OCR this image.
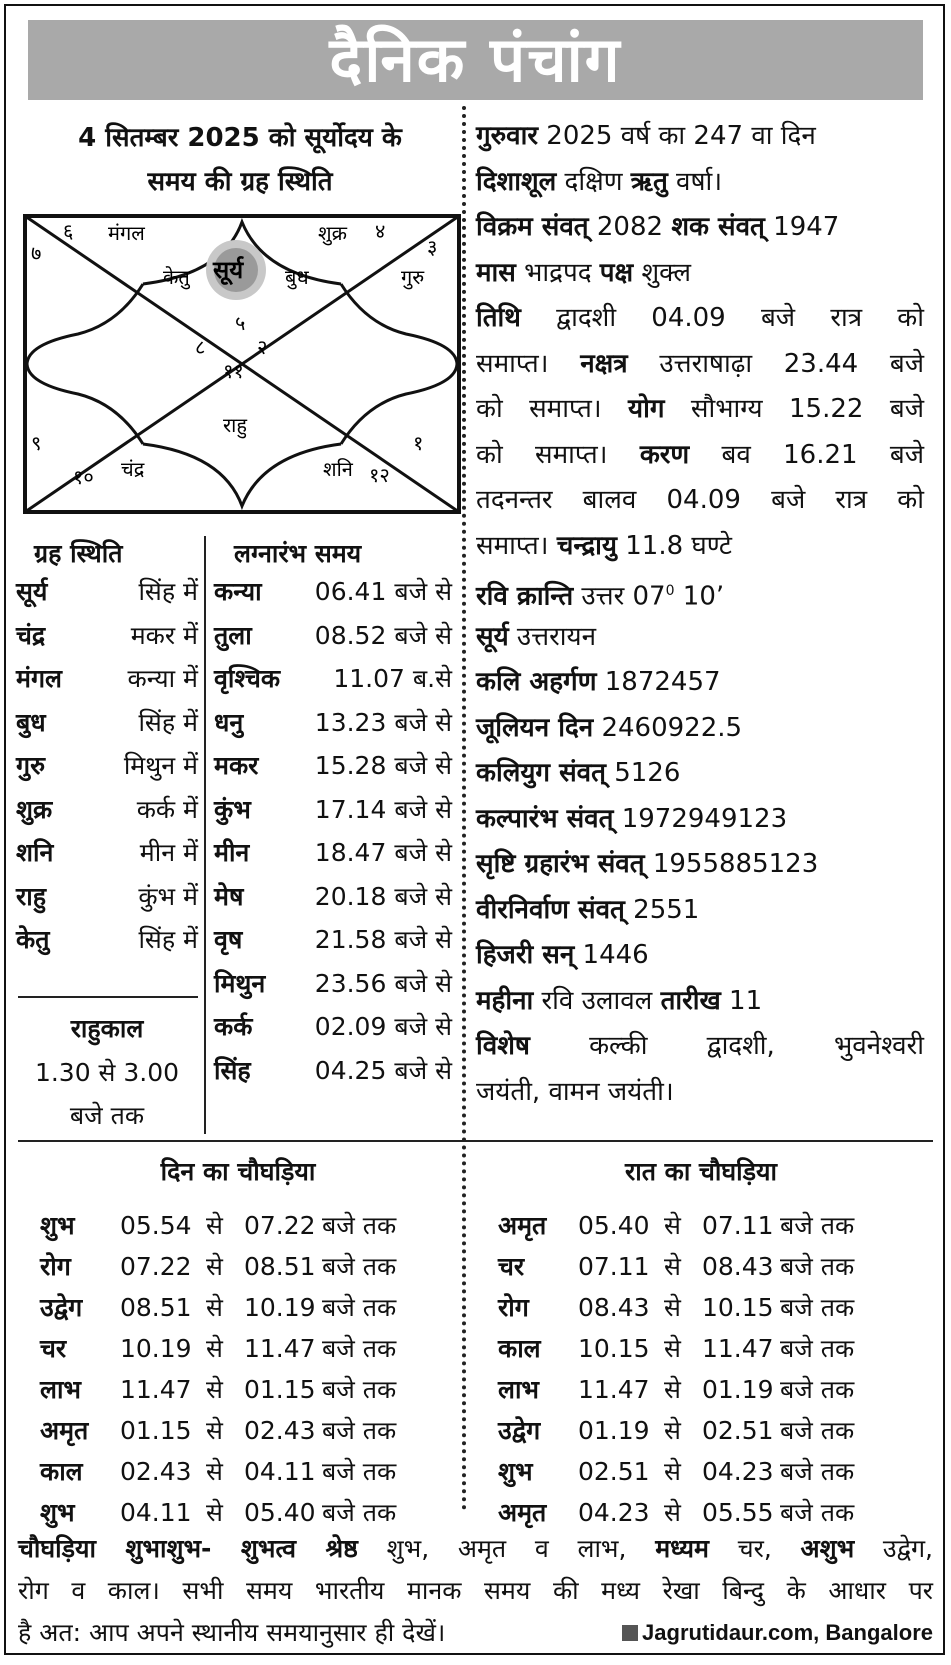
दैनिक पंचांग
4 सितम्बर 2025 को सूर्योदय के
समय की ग्रह स्थिति
६ मंगल	शुक्र ४
७	३
गुरु
केतु सूर्य बुध
५
८	२
११
राहु
९	१
१० चंद्र	शनि १२
ग्रह स्थिति
सूर्य	सिंह में
चंद्र	मकर में
मंगल	कन्या में
बुध	सिंह में
गुरु	मिथुन में
शुक्र	कर्क में
शनि	मीन में
राहु	कुंभ में
केतु	सिंह में
लग्नारंभ समय
कन्या 06.41 बजे से
तुला	08.52 बजे से
वृश्चिक 11.07 ब.से
धनु	13.23 बजे से
मकर 15.28 बजे से
कुंभ	17.14 बजे से
मीन	18.47 बजे से
मेष	20.18 बजे से
वृष	21.58 बजे से
मिथुन 23.56 बजे से
कर्क 02.09 बजे से
सिंह	04.25 बजे से
राहुकाल
1.30 से 3.00
बजे तक
गुरुवार 2025 वर्ष का 247 वा दिन
दिशाशूल दक्षिण ऋतु वर्षा।
विक्रम संवत् 2082 शक संवत् 1947
मास भाद्रपद पक्ष शुक्ल
तिथि द्वादशी 04.09 बजे रात्र को
समाप्त। नक्षत्र उत्तराषाढ़ा 23.44 बजे
को समाप्त। योग सौभाग्य 15.22 बजे
को समाप्त। करण बव 16.21 बजे
तदनन्तर बालव 04.09 बजे रात्र को
समाप्त। चन्द्रायु 11.8 घण्टे
रवि क्रान्ति उत्तर $07^0$ 10’
सूर्य उत्तरायन
कलि अहर्गण 1872457
जूलियन दिन 2460922.5
कलियुग संवत् 5126
कल्पारंभ संवत् 1972949123
सृष्टि ग्रहारंभ संवत् 1955885123
वीरनिर्वाण संवत् 2551
हिजरी सन् 1446
महीना रवि उलावल तारीख 11
विशेष कल्की द्वादशी, भुवनेश्वरी
जयंती, वामन जयंती।
दिन का चौघड़िया	रात का चौघड़िया
शुभ 05.54 से 07.22 बजे तक
रोग 07.22 से 08.51 बजे तक
उद्वेग 08.51 से 10.19 बजे तक
चर 10.19 से 11.47 बजे तक
लाभ 11.47 से 01.15 बजे तक
अमृत 01.15 से 02.43 बजे तक
काल 02.43 से 04.11 बजे तक
शुभ 04.11 से 05.40 बजे तक
अमृत 05.40 से 07.11 बजे तक
चर 07.11 से 08.43 बजे तक
रोग 08.43 से 10.15 बजे तक
काल 10.15 से 11.47 बजे तक
लाभ 11.47 से 01.19 बजे तक
उद्वेग 01.19 से 02.51 बजे तक
शुभ 02.51 से 04.23 बजे तक
अमृत 04.23 से 05.55 बजे तक
चौघड़िया शुभाशुभ- शुभत्व श्रेष्ठ शुभ, अमृत व लाभ, मध्यम चर, अशुभ उद्वेग,
रोग व काल। सभी समय भारतीय मानक समय की मध्य रेखा बिन्दु के आधार पर
है अत: आप अपने स्थानीय समयानुसार ही देखें।	Jagrutidaur.com, Bangalore
